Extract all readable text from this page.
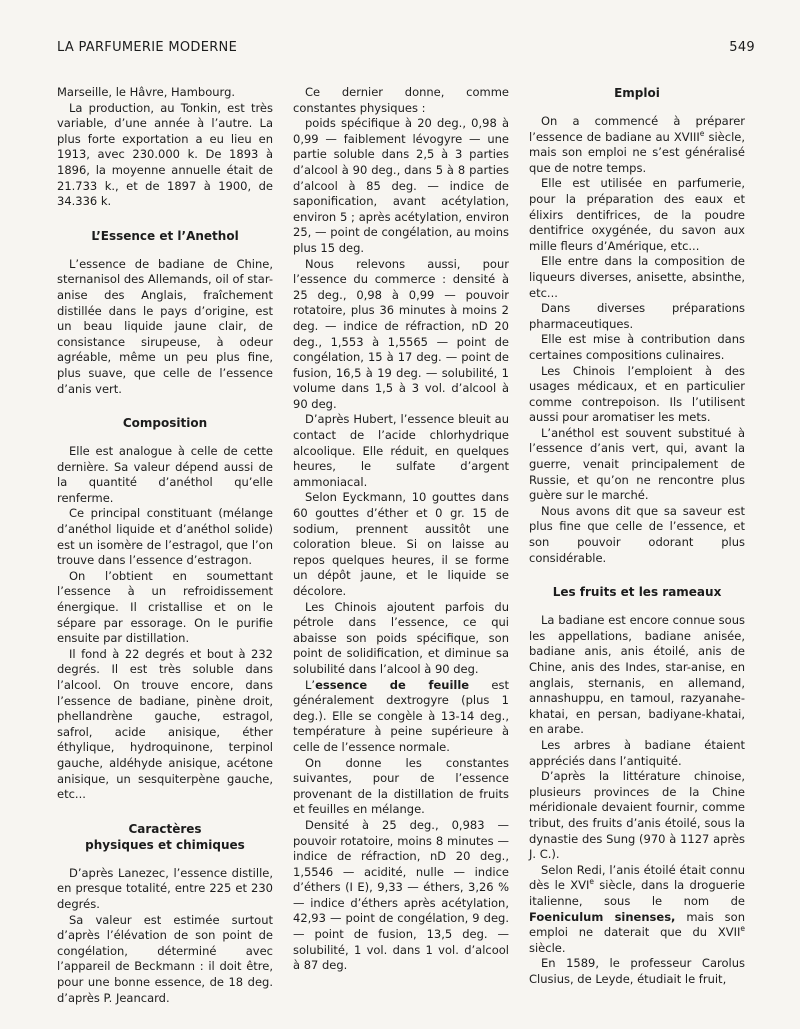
LA PARFUMERIE MODERNE	549

Marseille, le Hâvre, Hambourg.

La production, au Tonkin, est très variable, d’une année à l’autre. La plus forte exportation a eu lieu en 1913, avec 230.000 k. De 1893 à 1896, la moyenne annuelle était de 21.733 k., et de 1897 à 1900, de 34.336 k.

L’Essence et l’Anethol

L’essence de badiane de Chine, sternanisol des Allemands, oil of star-anise des Anglais, fraîchement distillée dans le pays d’origine, est un beau liquide jaune clair, de consistance sirupeuse, à odeur agréable, même un peu plus fine, plus suave, que celle de l’essence d’anis vert.

Composition

Elle est analogue à celle de cette dernière. Sa valeur dépend aussi de la quantité d’anéthol qu’elle renferme.

Ce principal constituant (mélange d’anéthol liquide et d’anéthol solide) est un isomère de l’estragol, que l’on trouve dans l’essence d’estragon.

On l’obtient en soumettant l’essence à un refroidissement énergique. Il cristallise et on le sépare par essorage. On le purifie ensuite par distillation.

Il fond à 22 degrés et bout à 232 degrés. Il est très soluble dans l’alcool. On trouve encore, dans l’essence de badiane, pinène droit, phellandrène gauche, estragol, safrol, acide anisique, éther éthylique, hydroquinone, terpinol gauche, aldéhyde anisique, acétone anisique, un sesquiterpène gauche, etc...

Caractères
physiques et chimiques

D’après Lanezec, l’essence distille, en presque totalité, entre 225 et 230 degrés.

Sa valeur est estimée surtout d’après l’élévation de son point de congélation, déterminé avec l’appareil de Beckmann : il doit être, pour une bonne essence, de 18 deg. d’après P. Jeancard.

Ce dernier donne, comme constantes physiques :

poids spécifique à 20 deg., 0,98 à 0,99 — faiblement lévogyre — une partie soluble dans 2,5 à 3 parties d’alcool à 90 deg., dans 5 à 8 parties d’alcool à 85 deg. — indice de saponification, avant acétylation, environ 5 ; après acétylation, environ 25, — point de congélation, au moins plus 15 deg.

Nous relevons aussi, pour l’essence du commerce : densité à 25 deg., 0,98 à 0,99 — pouvoir rotatoire, plus 36 minutes à moins 2 deg. — indice de réfraction, nD 20 deg., 1,553 à 1,5565 — point de congélation, 15 à 17 deg. — point de fusion, 16,5 à 19 deg. — solubilité, 1 volume dans 1,5 à 3 vol. d’alcool à 90 deg.

D’après Hubert, l’essence bleuit au contact de l’acide chlorhydrique alcoolique. Elle réduit, en quelques heures, le sulfate d’argent ammoniacal.

Selon Eyckmann, 10 gouttes dans 60 gouttes d’éther et 0 gr. 15 de sodium, prennent aussitôt une coloration bleue. Si on laisse au repos quelques heures, il se forme un dépôt jaune, et le liquide se décolore.

Les Chinois ajoutent parfois du pétrole dans l’essence, ce qui abaisse son poids spécifique, son point de solidification, et diminue sa solubilité dans l’alcool à 90 deg.

L’essence de feuille est généralement dextrogyre (plus 1 deg.). Elle se congèle à 13-14 deg., température à peine supérieure à celle de l’essence normale.

On donne les constantes suivantes, pour de l’essence provenant de la distillation de fruits et feuilles en mélange.

Densité à 25 deg., 0,983 — pouvoir rotatoire, moins 8 minutes — indice de réfraction, nD 20 deg., 1,5546 — acidité, nulle — indice d’éthers (I E), 9,33 — éthers, 3,26 % — indice d’éthers après acétylation, 42,93 — point de congélation, 9 deg. — point de fusion, 13,5 deg. — solubilité, 1 vol. dans 1 vol. d’alcool à 87 deg.

Emploi

On a commencé à préparer l’essence de badiane au XVIIIe siècle, mais son emploi ne s’est généralisé que de notre temps.

Elle est utilisée en parfumerie, pour la préparation des eaux et élixirs dentifrices, de la poudre dentifrice oxygénée, du savon aux mille fleurs d’Amérique, etc...

Elle entre dans la composition de liqueurs diverses, anisette, absinthe, etc...

Dans diverses préparations pharmaceutiques.

Elle est mise à contribution dans certaines compositions culinaires.

Les Chinois l’emploient à des usages médicaux, et en particulier comme contrepoison. Ils l’utilisent aussi pour aromatiser les mets.

L’anéthol est souvent substitué à l’essence d’anis vert, qui, avant la guerre, venait principalement de Russie, et qu’on ne rencontre plus guère sur le marché.

Nous avons dit que sa saveur est plus fine que celle de l’essence, et son pouvoir odorant plus considérable.

Les fruits et les rameaux

La badiane est encore connue sous les appellations, badiane anisée, badiane anis, anis étoilé, anis de Chine, anis des Indes, star-anise, en anglais, sternanis, en allemand, annashuppu, en tamoul, razyanahe-khatai, en persan, badiyane-khatai, en arabe.

Les arbres à badiane étaient appréciés dans l’antiquité.

D’après la littérature chinoise, plusieurs provinces de la Chine méridionale devaient fournir, comme tribut, des fruits d’anis étoilé, sous la dynastie des Sung (970 à 1127 après J. C.).

Selon Redi, l’anis étoilé était connu dès le XVIe siècle, dans la droguerie italienne, sous le nom de Foeniculum sinenses, mais son emploi ne daterait que du XVIIe siècle.

En 1589, le professeur Carolus Clusius, de Leyde, étudiait le fruit,
